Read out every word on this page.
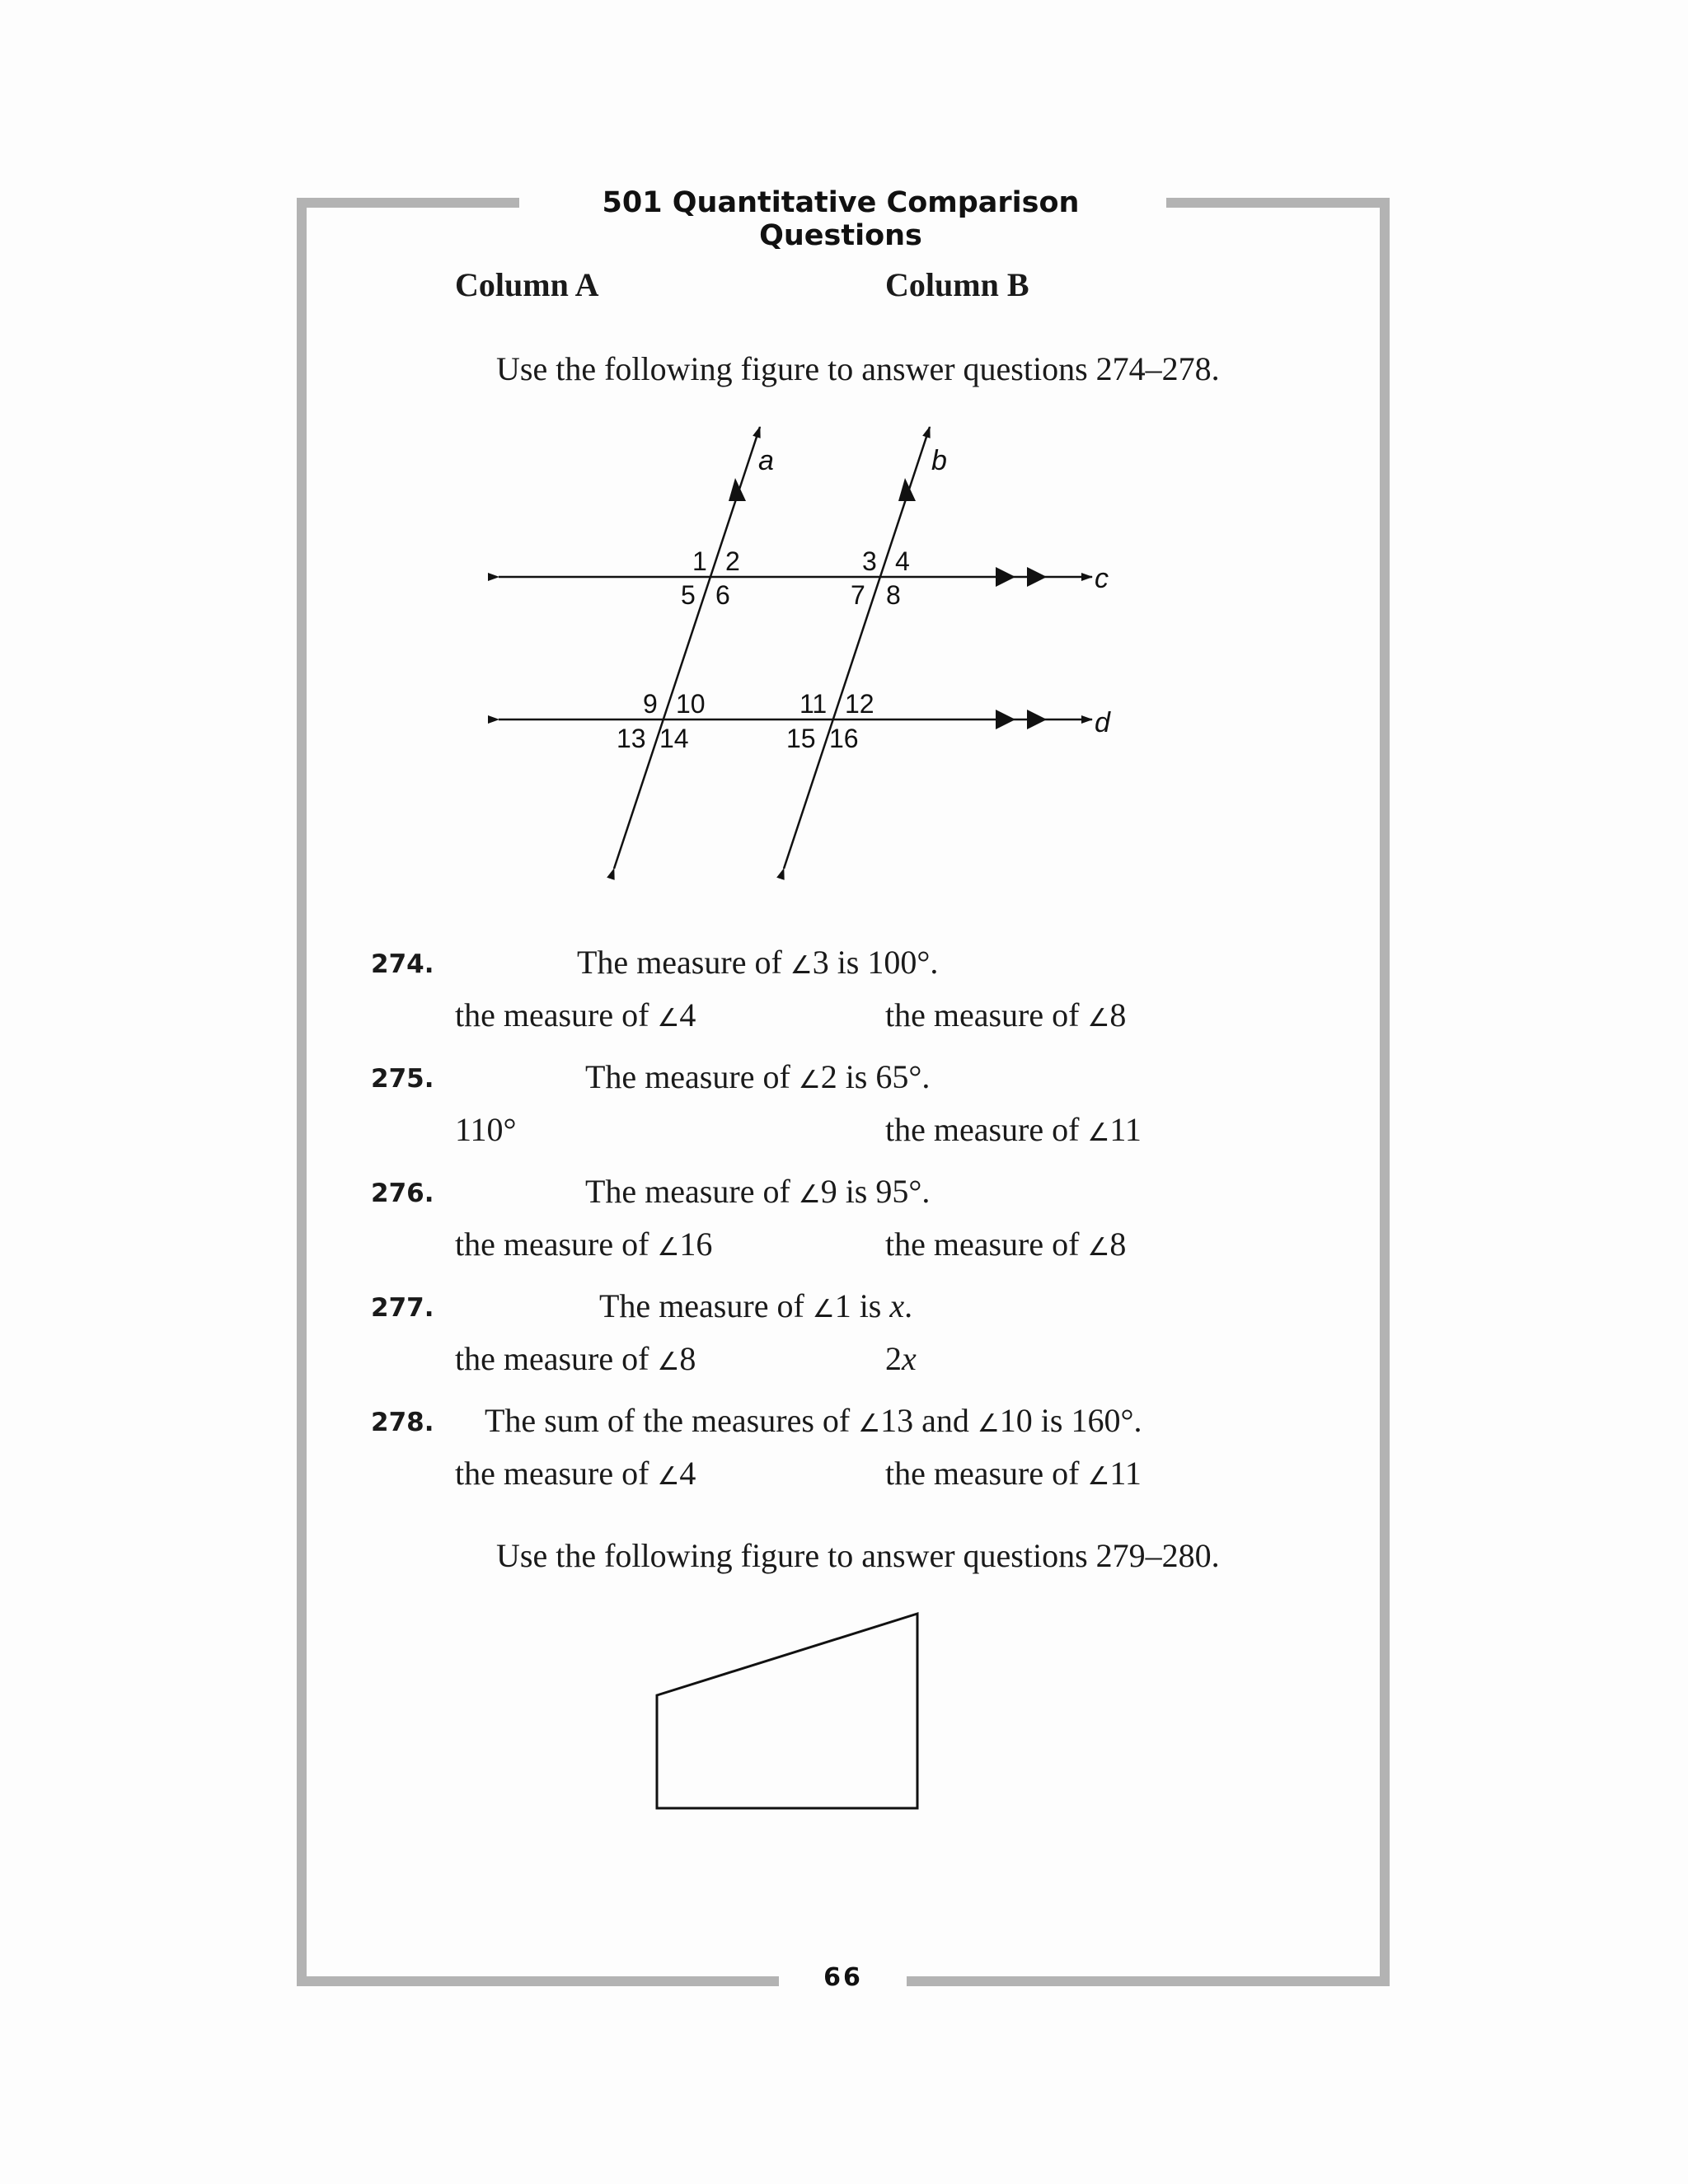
501 Quantitative Comparison Questions
Column A	Column B
Use the following figure to answer questions 274–278.
a	b
c
d
1 2
5 6
3 4
7 8
9 10
13 14
11 12
15 16
274.	The measure of ∠3 is 100°.
the measure of ∠4	the measure of ∠8
275.	The measure of ∠2 is 65°.
110°	the measure of ∠11
276.	The measure of ∠9 is 95°.
the measure of ∠16	the measure of ∠8
277.	The measure of ∠1 is x.
the measure of ∠8	2x
278. The sum of the measures of ∠13 and ∠10 is 160°.
the measure of ∠4	the measure of ∠11
Use the following figure to answer questions 279–280.
66
